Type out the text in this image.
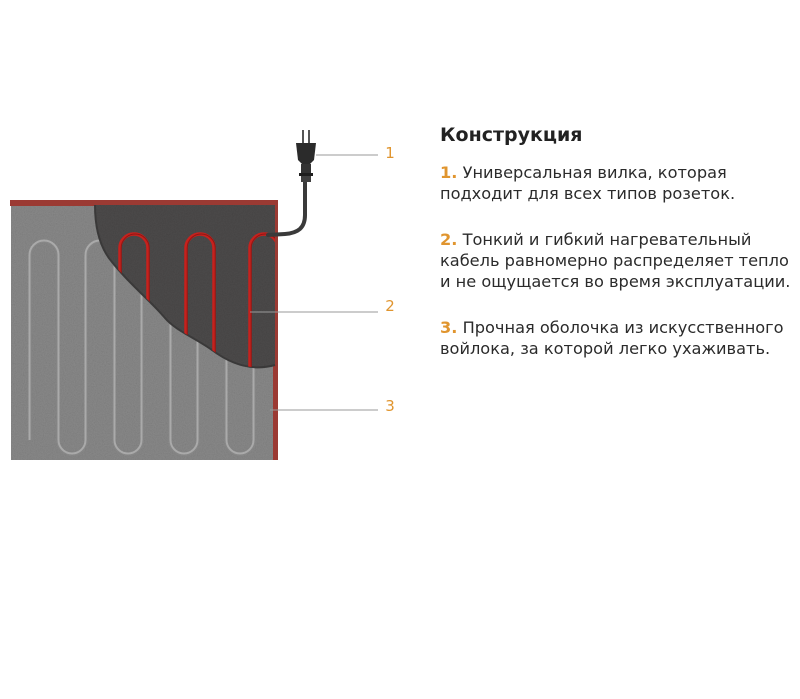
1
2
3
Конструкция
1. Универсальная вилка, которая подходит для всех типов розеток.
2. Тонкий и гибкий нагревательный кабель равномерно распределяет тепло и не ощущается во время эксплуатации.
3. Прочная оболочка из искусственного войлока, за которой легко ухаживать.
